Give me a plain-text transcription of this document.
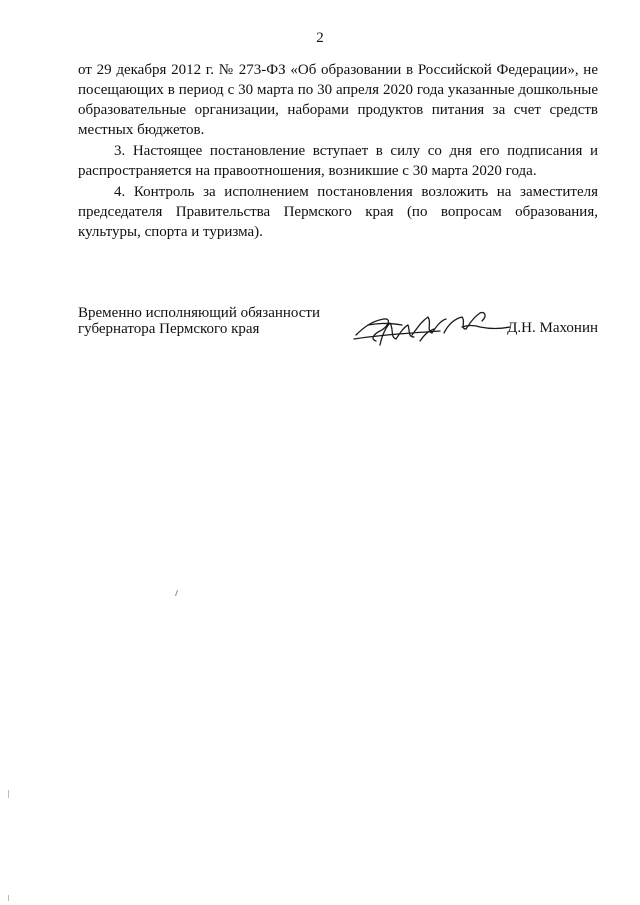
2

от 29 декабря 2012 г. № 273-ФЗ «Об образовании в Российской Федерации», не посещающих в период с 30 марта по 30 апреля 2020 года указанные дошкольные образовательные организации, наборами продуктов питания за счет средств местных бюджетов.

3. Настоящее постановление вступает в силу со дня его подписания и распространяется на правоотношения, возникшие с 30 марта 2020 года.

4. Контроль за исполнением постановления возложить на заместителя председателя Правительства Пермского края (по вопросам образования, культуры, спорта и туризма).

Временно исполняющий обязанности
губернатора Пермского края	Д.Н. Махонин
